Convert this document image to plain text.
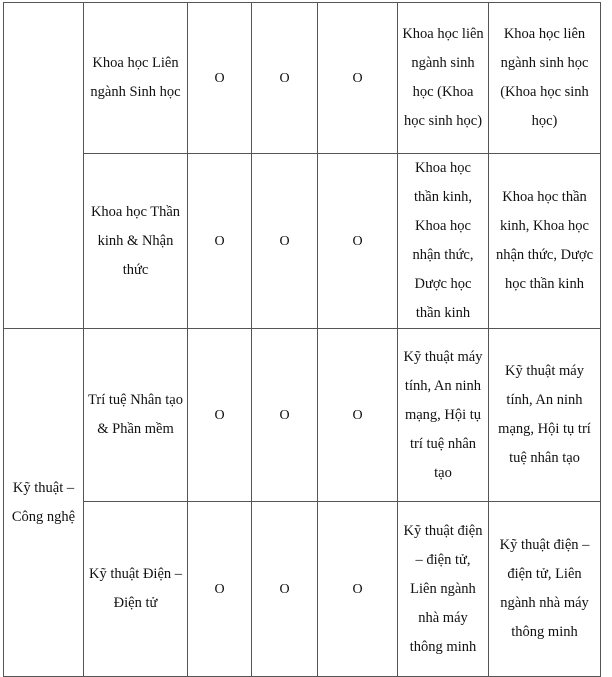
	Khoa học Liên ngành Sinh học	O	O	O	Khoa học liên ngành sinh học (Khoa học sinh học)	Khoa học liên ngành sinh học (Khoa học sinh học)
	Khoa học Thần kinh & Nhận thức	O	O	O	Khoa học thần kinh, Khoa học nhận thức, Dược học thần kinh	Khoa học thần kinh, Khoa học nhận thức, Dược học thần kinh
Kỹ thuật – Công nghệ	Trí tuệ Nhân tạo & Phần mềm	O	O	O	Kỹ thuật máy tính, An ninh mạng, Hội tụ trí tuệ nhân tạo	Kỹ thuật máy tính, An ninh mạng, Hội tụ trí tuệ nhân tạo
	Kỹ thuật Điện – Điện tử	O	O	O	Kỹ thuật điện – điện tử, Liên ngành nhà máy thông minh	Kỹ thuật điện – điện tử, Liên ngành nhà máy thông minh
